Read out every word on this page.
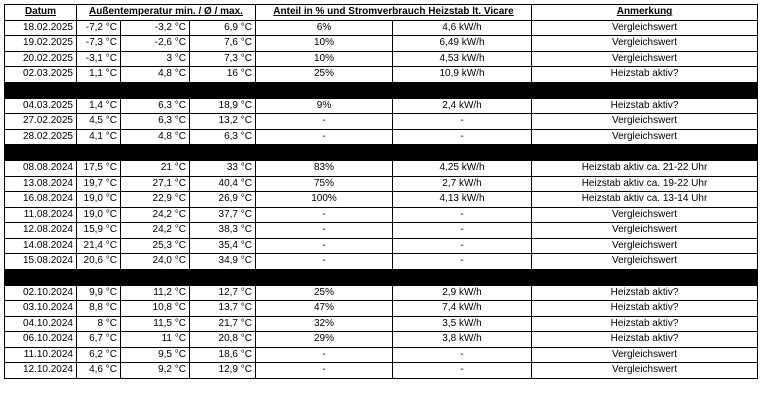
Datum	Außentemperatur min. / Ø / max.			Anteil in % und Stromverbrauch Heizstab lt. Vicare		Anmerkung
18.02.2025	-7,2 °C	-3,2 °C	6,9 °C	6%	4,6 kW/h	Vergleichswert
19.02.2025	-7,3 °C	-2,6 °C	7,6 °C	10%	6,49 kW/h	Vergleichswert
20.02.2025	-3,1 °C	3 °C	7,3 °C	10%	4,53 kW/h	Vergleichswert
02.03.2025	1,1 °C	4,8 °C	16 °C	25%	10,9 kW/h	Heizstab aktiv?

04.03.2025	1,4 °C	6,3 °C	18,9 °C	9%	2,4 kW/h	Heizstab aktiv?
27.02.2025	4,5 °C	6,3 °C	13,2 °C	-	-	Vergleichswert
28.02.2025	4,1 °C	4,8 °C	6,3 °C	-	-	Vergleichswert

08.08.2024	17,5 °C	21 °C	33 °C	83%	4,25 kW/h	Heizstab aktiv ca. 21-22 Uhr
13.08.2024	19,7 °C	27,1 °C	40,4 °C	75%	2,7 kW/h	Heizstab aktiv ca. 19-22 Uhr
16.08.2024	19,0 °C	22,9 °C	26,9 °C	100%	4,13 kW/h	Heizstab aktiv ca. 13-14 Uhr
11.08.2024	19,0 °C	24,2 °C	37,7 °C	-	-	Vergleichswert
12.08.2024	15,9 °C	24,2 °C	38,3 °C	-	-	Vergleichswert
14.08.2024	21,4 °C	25,3 °C	35,4 °C	-	-	Vergleichswert
15.08.2024	20,6 °C	24,0 °C	34,9 °C	-	-	Vergleichswert

02.10.2024	9,9 °C	11,2 °C	12,7 °C	25%	2,9 kW/h	Heizstab aktiv?
03.10.2024	8,8 °C	10,8 °C	13,7 °C	47%	7,4 kW/h	Heizstab aktiv?
04.10.2024	8 °C	11,5 °C	21,7 °C	32%	3,5 kW/h	Heizstab aktiv?
06.10.2024	6,7 °C	11 °C	20,8 °C	29%	3,8 kW/h	Heizstab aktiv?
11.10.2024	6,2 °C	9,5 °C	18,6 °C	-	-	Vergleichswert
12.10.2024	4,6 °C	9,2 °C	12,9 °C	-	-	Vergleichswert
